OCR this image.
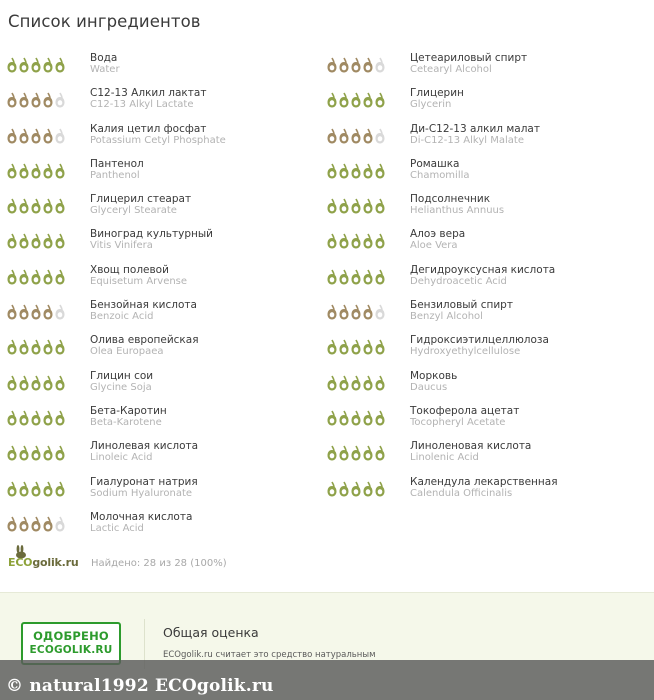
Список ингредиентов
Вода
Water
C12-13 Алкил лактат
C12-13 Alkyl Lactate
Калия цетил фосфат
Potassium Cetyl Phosphate
Пантенол
Panthenol
Глицерил стеарат
Glyceryl Stearate
Виноград культурный
Vitis Vinifera
Хвощ полевой
Equisetum Arvense
Бензойная кислота
Benzoic Acid
Олива европейская
Olea Europaea
Глицин сои
Glycine Soja
Бета-Каротин
Beta-Karotene
Линолевая кислота
Linoleic Acid
Гиалуронат натрия
Sodium Hyaluronate
Молочная кислота
Lactic Acid
Цетеариловый спирт
Cetearyl Alcohol
Глицерин
Glycerin
Ди-C12-13 алкил малат
Di-C12-13 Alkyl Malate
Ромашка
Chamomilla
Подсолнечник
Helianthus Annuus
Алоэ вера
Aloe Vera
Дегидроуксусная кислота
Dehydroacetic Acid
Бензиловый спирт
Benzyl Alcohol
Гидроксиэтилцеллюлоза
Hydroxyethylcellulose
Морковь
Daucus
Токоферола ацетат
Tocopheryl Acetate
Линоленовая кислота
Linolenic Acid
Календула лекарственная
Calendula Officinalis
ECOgolik.ru Найдено: 28 из 28 (100%)
ОДОБРЕНО
ECOGOLIK.RU
Общая оценка
ECOgolik.ru считает это средство натуральным
© natural1992 ECOgolik.ru
